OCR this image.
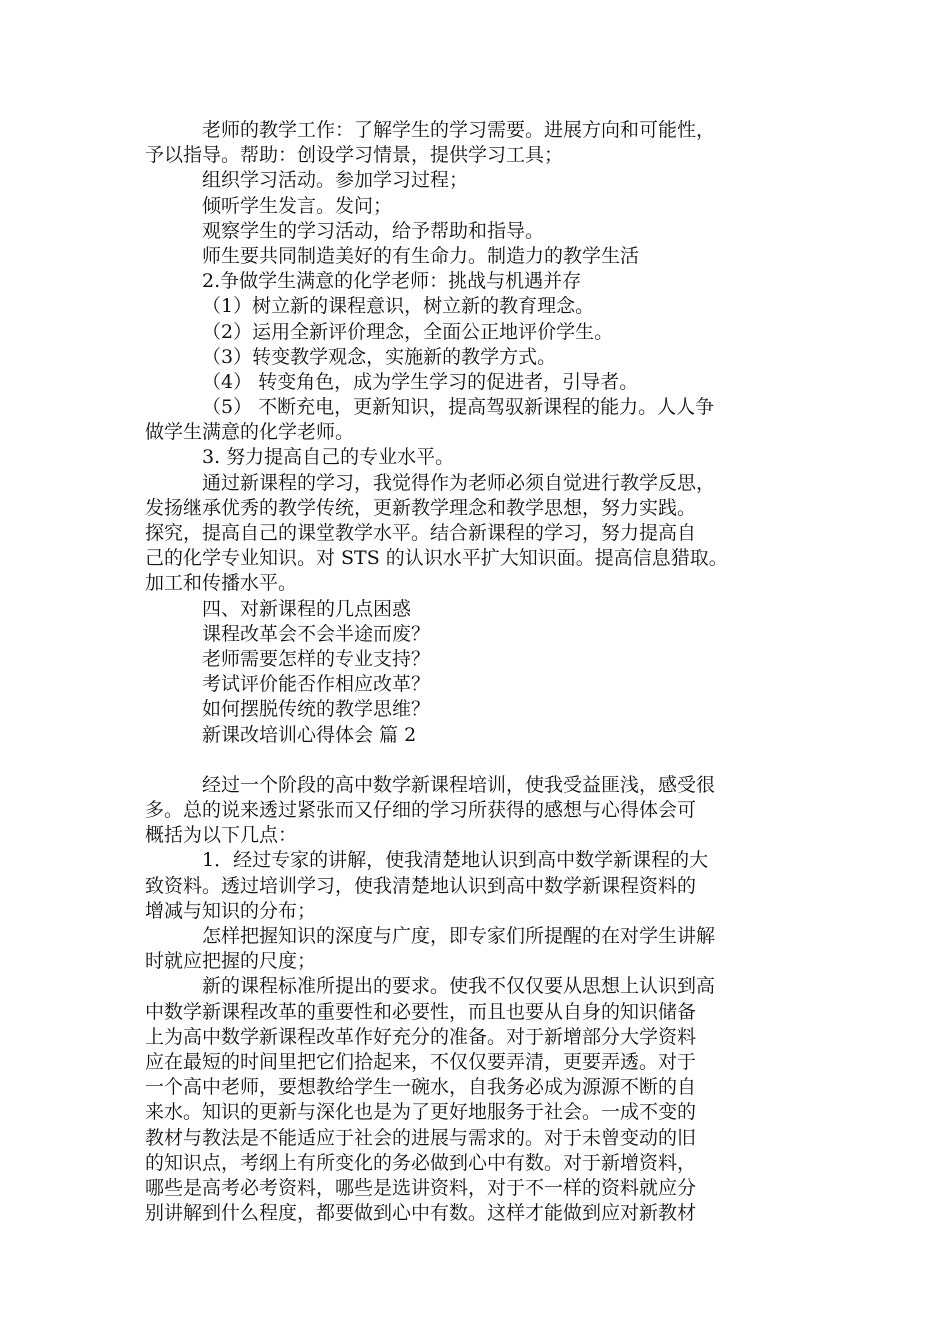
老师的教学工作：了解学生的学习需要。进展方向和可能性，
予以指导。帮助：创设学习情景，提供学习工具；
组织学习活动。参加学习过程；
倾听学生发言。发问；
观察学生的学习活动，给予帮助和指导。
师生要共同制造美好的有生命力。制造力的教学生活
2.争做学生满意的化学老师：挑战与机遇并存
（1）树立新的课程意识，树立新的教育理念。
（2）运用全新评价理念，全面公正地评价学生。
（3）转变教学观念，实施新的教学方式。
（4） 转变角色，成为学生学习的促进者，引导者。
（5） 不断充电，更新知识，提高驾驭新课程的能力。人人争
做学生满意的化学老师。
3. 努力提高自己的专业水平。
通过新课程的学习，我觉得作为老师必须自觉进行教学反思，
发扬继承优秀的教学传统，更新教学理念和教学思想，努力实践。
探究，提高自己的课堂教学水平。结合新课程的学习，努力提高自
己的化学专业知识。对 STS 的认识水平扩大知识面。提高信息猎取。
加工和传播水平。
四、对新课程的几点困惑
课程改革会不会半途而废？
老师需要怎样的专业支持？
考试评价能否作相应改革？
如何摆脱传统的教学思维？
新课改培训心得体会 篇 2
经过一个阶段的高中数学新课程培训，使我受益匪浅，感受很
多。总的说来透过紧张而又仔细的学习所获得的感想与心得体会可
概括为以下几点：
1．经过专家的讲解，使我清楚地认识到高中数学新课程的大
致资料。透过培训学习，使我清楚地认识到高中数学新课程资料的
增减与知识的分布；
怎样把握知识的深度与广度，即专家们所提醒的在对学生讲解
时就应把握的尺度；
新的课程标准所提出的要求。使我不仅仅要从思想上认识到高
中数学新课程改革的重要性和必要性，而且也要从自身的知识储备
上为高中数学新课程改革作好充分的准备。对于新增部分大学资料
应在最短的时间里把它们拾起来，不仅仅要弄清，更要弄透。对于
一个高中老师，要想教给学生一碗水，自我务必成为源源不断的自
来水。知识的更新与深化也是为了更好地服务于社会。一成不变的
教材与教法是不能适应于社会的进展与需求的。对于未曾变动的旧
的知识点，考纲上有所变化的务必做到心中有数。对于新增资料，
哪些是高考必考资料，哪些是选讲资料，对于不一样的资料就应分
别讲解到什么程度，都要做到心中有数。这样才能做到应对新教材
